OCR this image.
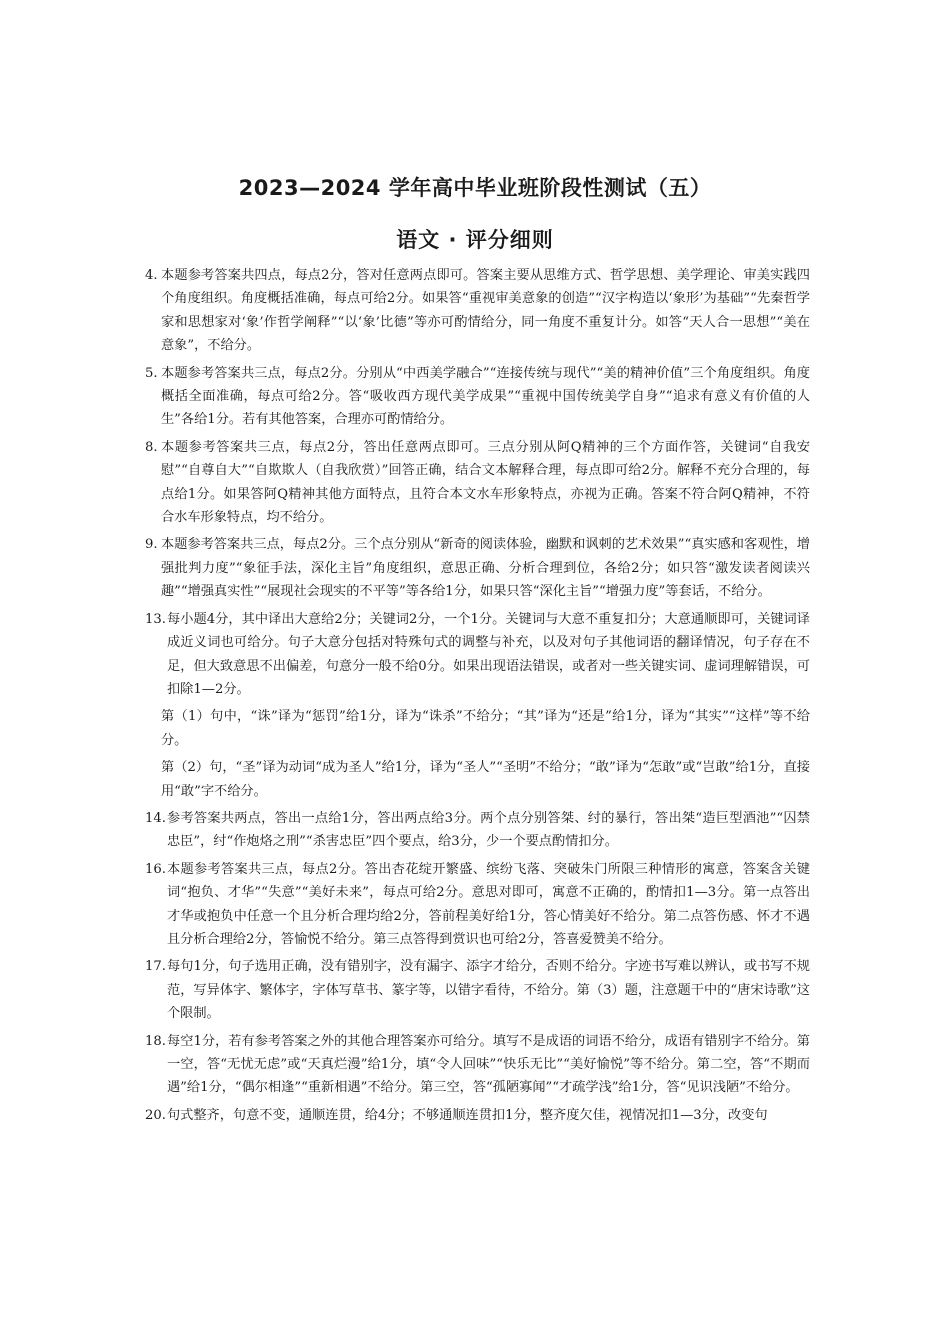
2023—2024 学年高中毕业班阶段性测试（五）
语文 · 评分细则
4. 本题参考答案共四点，每点2分，答对任意两点即可。答案主要从思维方式、哲学思想、美学理论、审美实践四个角度组织。角度概括准确，每点可给2分。如果答“重视审美意象的创造”“汉字构造以‘象形’为基础”“先秦哲学家和思想家对‘象’作哲学阐释”“以‘象’比德”等亦可酌情给分，同一角度不重复计分。如答“天人合一思想”“美在意象”，不给分。
5. 本题参考答案共三点，每点2分。分别从“中西美学融合”“连接传统与现代”“美的精神价值”三个角度组织。角度概括全面准确，每点可给2分。答“吸收西方现代美学成果”“重视中国传统美学自身”“追求有意义有价值的人生”各给1分。若有其他答案，合理亦可酌情给分。
8. 本题参考答案共三点，每点2分，答出任意两点即可。三点分别从阿Q精神的三个方面作答，关键词“自我安慰”“自尊自大”“自欺欺人（自我欣赏）”回答正确，结合文本解释合理，每点即可给2分。解释不充分合理的，每点给1分。如果答阿Q精神其他方面特点，且符合本文水车形象特点，亦视为正确。答案不符合阿Q精神，不符合水车形象特点，均不给分。
9. 本题参考答案共三点，每点2分。三个点分别从“新奇的阅读体验，幽默和讽刺的艺术效果”“真实感和客观性，增强批判力度”“象征手法，深化主旨”角度组织，意思正确、分析合理到位，各给2分；如只答“激发读者阅读兴趣”“增强真实性”“展现社会现实的不平等”等各给1分，如果只答“深化主旨”“增强力度”等套话，不给分。
13. 每小题4分，其中译出大意给2分；关键词2分，一个1分。关键词与大意不重复扣分；大意通顺即可，关键词译成近义词也可给分。句子大意分包括对特殊句式的调整与补充，以及对句子其他词语的翻译情况，句子存在不足，但大致意思不出偏差，句意分一般不给0分。如果出现语法错误，或者对一些关键实词、虚词理解错误，可扣除1—2分。
第（1）句中，“诛”译为“惩罚”给1分，译为“诛杀”不给分；“其”译为“还是”给1分，译为“其实”“这样”等不给分。
第（2）句，“圣”译为动词“成为圣人”给1分，译为“圣人”“圣明”不给分；“敢”译为“怎敢”或“岂敢”给1分，直接用“敢”字不给分。
14. 参考答案共两点，答出一点给1分，答出两点给3分。两个点分别答桀、纣的暴行，答出桀“造巨型酒池”“囚禁忠臣”，纣“作炮烙之刑”“杀害忠臣”四个要点，给3分，少一个要点酌情扣分。
16. 本题参考答案共三点，每点2分。答出杏花绽开繁盛、缤纷飞落、突破朱门所限三种情形的寓意，答案含关键词“抱负、才华”“失意”“美好未来”，每点可给2分。意思对即可，寓意不正确的，酌情扣1—3分。第一点答出才华或抱负中任意一个且分析合理均给2分，答前程美好给1分，答心情美好不给分。第二点答伤感、怀才不遇且分析合理给2分，答愉悦不给分。第三点答得到赏识也可给2分，答喜爱赞美不给分。
17. 每句1分，句子选用正确，没有错别字，没有漏字、添字才给分，否则不给分。字迹书写难以辨认，或书写不规范，写异体字、繁体字，字体写草书、篆字等，以错字看待，不给分。第（3）题，注意题干中的“唐宋诗歌”这个限制。
18. 每空1分，若有参考答案之外的其他合理答案亦可给分。填写不是成语的词语不给分，成语有错别字不给分。第一空，答“无忧无虑”或“天真烂漫”给1分，填“令人回味”“快乐无比”“美好愉悦”等不给分。第二空，答“不期而遇”给1分，“偶尔相逢”“重新相遇”不给分。第三空，答“孤陋寡闻”“才疏学浅”给1分，答“见识浅陋”不给分。
20. 句式整齐，句意不变，通顺连贯，给4分；不够通顺连贯扣1分，整齐度欠佳，视情况扣1—3分，改变句
